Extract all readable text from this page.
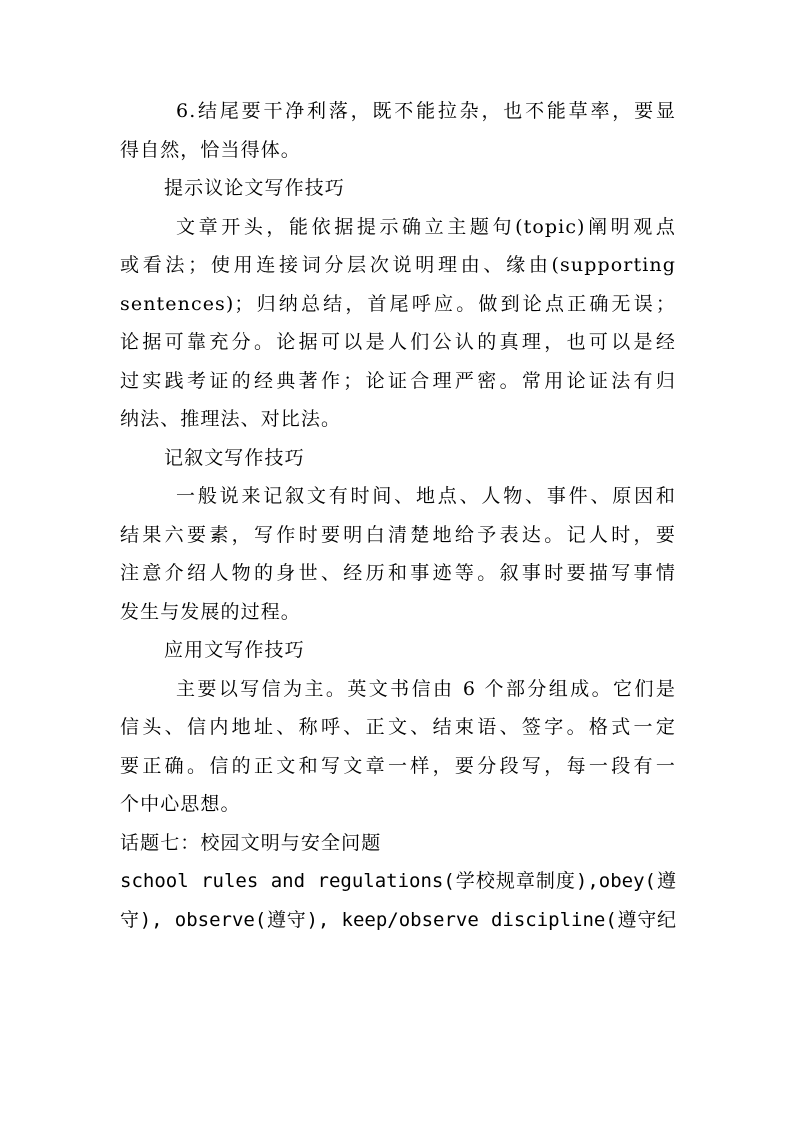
6.结尾要干净利落，既不能拉杂，也不能草率，要显
得自然，恰当得体。
提示议论文写作技巧
文章开头，能依据提示确立主题句(topic)阐明观点
或看法；使用连接词分层次说明理由、缘由(supporting
sentences)；归纳总结，首尾呼应。做到论点正确无误；
论据可靠充分。论据可以是人们公认的真理，也可以是经
过实践考证的经典著作；论证合理严密。常用论证法有归
纳法、推理法、对比法。
记叙文写作技巧
一般说来记叙文有时间、地点、人物、事件、原因和
结果六要素，写作时要明白清楚地给予表达。记人时，要
注意介绍人物的身世、经历和事迹等。叙事时要描写事情
发生与发展的过程。
应用文写作技巧
主要以写信为主。英文书信由 6 个部分组成。它们是
信头、信内地址、称呼、正文、结束语、签字。格式一定
要正确。信的正文和写文章一样，要分段写，每一段有一
个中心思想。
话题七：校园文明与安全问题
school rules and regulations(学校规章制度),obey(遵
守), observe(遵守), keep/observe discipline(遵守纪
